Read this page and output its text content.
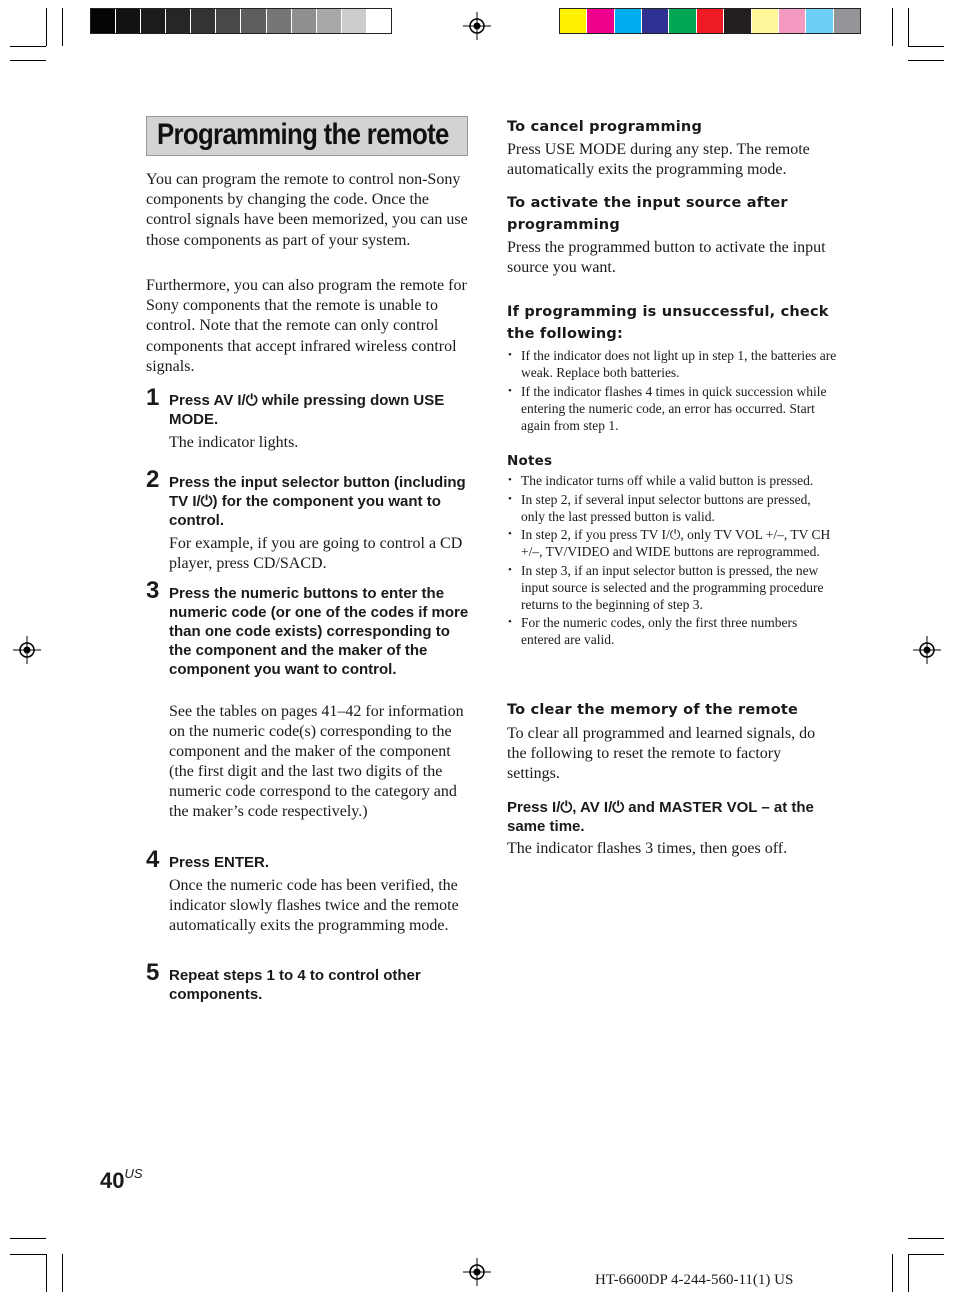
Programming the remote

You can program the remote to control non-Sony components by changing the code. Once the control signals have been memorized, you can use those components as part of your system.

Furthermore, you can also program the remote for Sony components that the remote is unable to control. Note that the remote can only control components that accept infrared wireless control signals.

1 Press AV I/⏻ while pressing down USE MODE.

The indicator lights.

2 Press the input selector button (including TV I/⏻) for the component you want to control.

For example, if you are going to control a CD player, press CD/SACD.

3 Press the numeric buttons to enter the numeric code (or one of the codes if more than one code exists) corresponding to the component and the maker of the component you want to control.

See the tables on pages 41–42 for information on the numeric code(s) corresponding to the component and the maker of the component (the first digit and the last two digits of the numeric code correspond to the category and the maker’s code respectively.)

4 Press ENTER.

Once the numeric code has been verified, the indicator slowly flashes twice and the remote automatically exits the programming mode.

5 Repeat steps 1 to 4 to control other components.
To cancel programming

Press USE MODE during any step. The remote automatically exits the programming mode.

To activate the input source after programming

Press the programmed button to activate the input source you want.

If programming is unsuccessful, check the following:
• If the indicator does not light up in step 1, the batteries are weak. Replace both batteries.
• If the indicator flashes 4 times in quick succession while entering the numeric code, an error has occurred. Start again from step 1.
Notes
• The indicator turns off while a valid button is pressed.
• In step 2, if several input selector buttons are pressed, only the last pressed button is valid.
• In step 2, if you press TV I/⏻, only TV VOL +/–, TV CH +/–, TV/VIDEO and WIDE buttons are reprogrammed.
• In step 3, if an input selector button is pressed, the new input source is selected and the programming procedure returns to the beginning of step 3.
• For the numeric codes, only the first three numbers entered are valid.
To clear the memory of the remote

To clear all programmed and learned signals, do the following to reset the remote to factory settings.

Press I/⏻, AV I/⏻ and MASTER VOL – at the same time.

The indicator flashes 3 times, then goes off.

$40^{US}$
HT-6600DP 4-244-560-11(1) US
